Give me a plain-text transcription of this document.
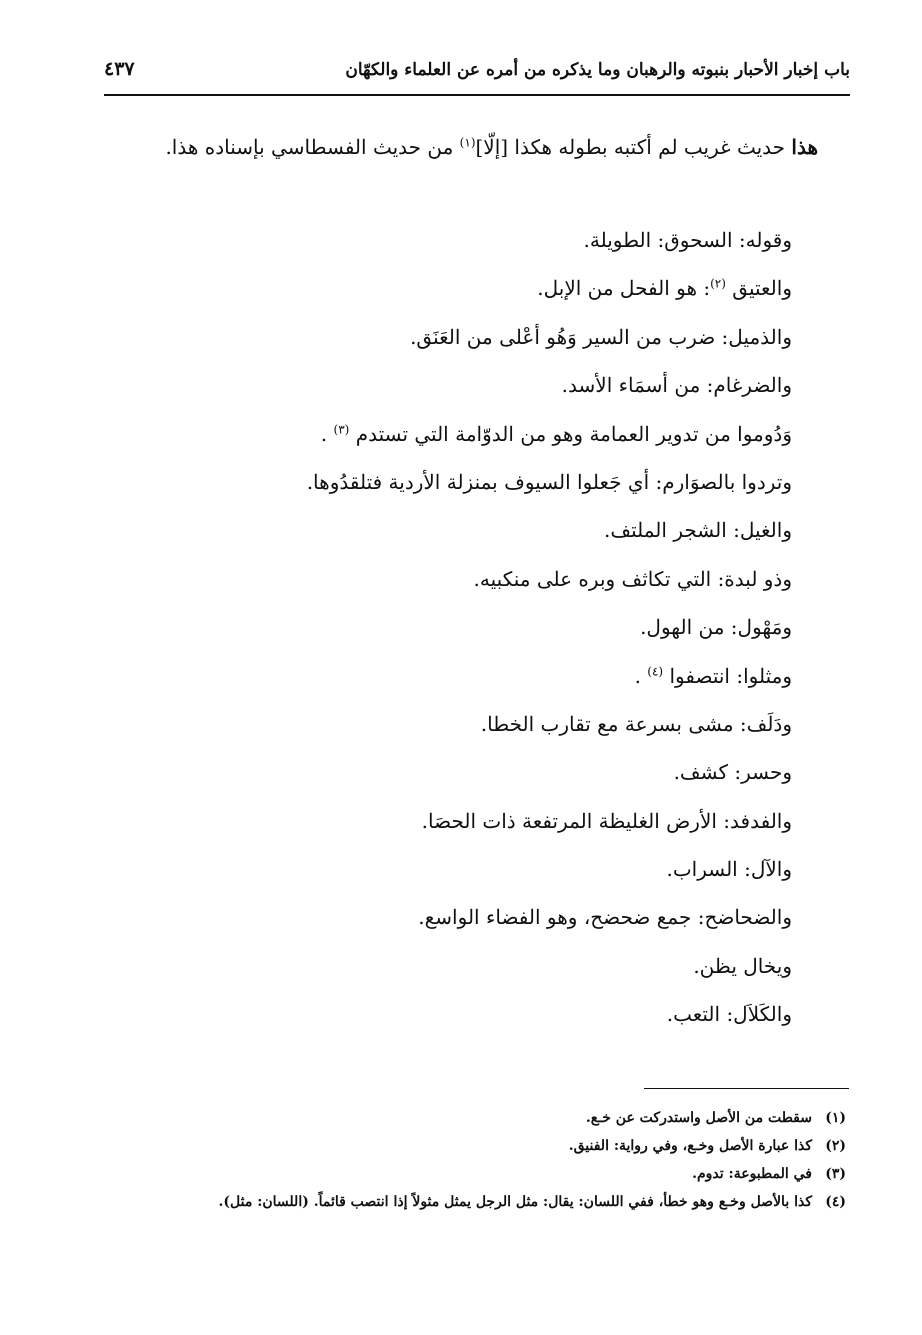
باب إخبار الأحبار بنبوته والرهبان وما يذكره من أمره عن العلماء والكهّان
٤٣٧

هذا حديث غريب لم أكتبه بطوله هكذا [إلّا]$^{(١)}$ من حديث الفسطاسي بإسناده هذا.

وقوله: السحوق: الطويلة.
والعتيق $^{(٢)}$: هو الفحل من الإبل.
والذميل: ضرب من السير وَهُو أعْلى من العَنَق.
والضرغام: من أسمَاء الأسد.
وَدُوموا من تدوير العمامة وهو من الدوّامة التي تستدم $^{(٣)}$ .
وتردوا بالصوَارم: أي جَعلوا السيوف بمنزلة الأردية فتلقدُوها.
والغيل: الشجر الملتف.
وذو لبدة: التي تكاثف وبره على منكبيه.
ومَهْول: من الهول.
ومثلوا: انتصفوا $^{(٤)}$ .
ودَلَف: مشى بسرعة مع تقارب الخطا.
وحسر: كشف.
والفدفد: الأرض الغليظة المرتفعة ذات الحصَا.
والآل: السراب.
والضحاضح: جمع ضحضح، وهو الفضاء الواسع.
ويخال يظن.
والكَلاَل: التعب.
(١)
سقطت من الأصل واستدركت عن خـع.
(٢)
كذا عبارة الأصل وخـع، وفي رواية: الفنيق.
(٣)
في المطبوعة: تدوم.
(٤)
كذا بالأصل وخـع وهو خطأ، ففي اللسان: يقال: مثل الرجل يمثل مثولاً إذا انتصب قائماً. (اللسان: مثل).
